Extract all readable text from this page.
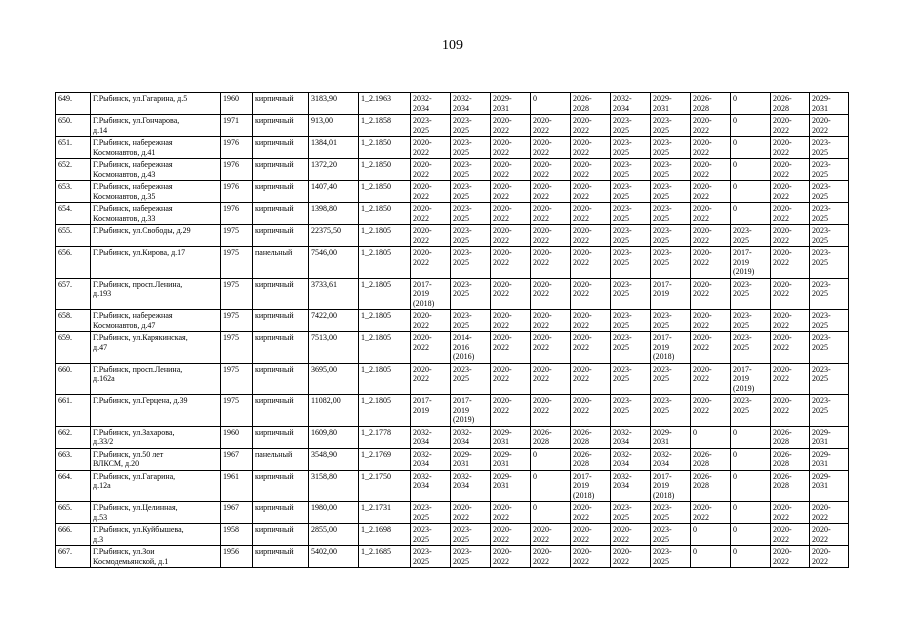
109
649.	Г.Рыбинск, ул.Гагарина, д.5	1960	кирпичный	3183,90	1_2.1963	2032-
2034	2032-
2034	2029-
2031	0	2026-
2028	2032-
2034	2029-
2031	2026-
2028	0	2026-
2028	2029-
2031
650.	Г.Рыбинск, ул.Гончарова,
д.14	1971	кирпичный	913,00	1_2.1858	2023-
2025	2023-
2025	2020-
2022	2020-
2022	2020-
2022	2023-
2025	2023-
2025	2020-
2022	0	2020-
2022	2020-
2022
651.	Г.Рыбинск, набережная
Космонавтов, д.41	1976	кирпичный	1384,01	1_2.1850	2020-
2022	2023-
2025	2020-
2022	2020-
2022	2020-
2022	2023-
2025	2023-
2025	2020-
2022	0	2020-
2022	2023-
2025
652.	Г.Рыбинск, набережная
Космонавтов, д.43	1976	кирпичный	1372,20	1_2.1850	2020-
2022	2023-
2025	2020-
2022	2020-
2022	2020-
2022	2023-
2025	2023-
2025	2020-
2022	0	2020-
2022	2023-
2025
653.	Г.Рыбинск, набережная
Космонавтов, д.35	1976	кирпичный	1407,40	1_2.1850	2020-
2022	2023-
2025	2020-
2022	2020-
2022	2020-
2022	2023-
2025	2023-
2025	2020-
2022	0	2020-
2022	2023-
2025
654.	Г.Рыбинск, набережная
Космонавтов, д.33	1976	кирпичный	1398,80	1_2.1850	2020-
2022	2023-
2025	2020-
2022	2020-
2022	2020-
2022	2023-
2025	2023-
2025	2020-
2022	0	2020-
2022	2023-
2025
655.	Г.Рыбинск, ул.Свободы, д.29	1975	кирпичный	22375,50	1_2.1805	2020-
2022	2023-
2025	2020-
2022	2020-
2022	2020-
2022	2023-
2025	2023-
2025	2020-
2022	2023-
2025	2020-
2022	2023-
2025
656.	Г.Рыбинск, ул.Кирова, д.17	1975	панельный	7546,00	1_2.1805	2020-
2022	2023-
2025	2020-
2022	2020-
2022	2020-
2022	2023-
2025	2023-
2025	2020-
2022	2017-
2019
(2019)	2020-
2022	2023-
2025
657.	Г.Рыбинск, просп.Ленина,
д.193	1975	кирпичный	3733,61	1_2.1805	2017-
2019
(2018)	2023-
2025	2020-
2022	2020-
2022	2020-
2022	2023-
2025	2017-
2019	2020-
2022	2023-
2025	2020-
2022	2023-
2025
658.	Г.Рыбинск, набережная
Космонавтов, д.47	1975	кирпичный	7422,00	1_2.1805	2020-
2022	2023-
2025	2020-
2022	2020-
2022	2020-
2022	2023-
2025	2023-
2025	2020-
2022	2023-
2025	2020-
2022	2023-
2025
659.	Г.Рыбинск, ул.Карякинская,
д.47	1975	кирпичный	7513,00	1_2.1805	2020-
2022	2014-
2016
(2016)	2020-
2022	2020-
2022	2020-
2022	2023-
2025	2017-
2019
(2018)	2020-
2022	2023-
2025	2020-
2022	2023-
2025
660.	Г.Рыбинск, просп.Ленина,
д.162а	1975	кирпичный	3695,00	1_2.1805	2020-
2022	2023-
2025	2020-
2022	2020-
2022	2020-
2022	2023-
2025	2023-
2025	2020-
2022	2017-
2019
(2019)	2020-
2022	2023-
2025
661.	Г.Рыбинск, ул.Герцена, д.39	1975	кирпичный	11082,00	1_2.1805	2017-
2019	2017-
2019
(2019)	2020-
2022	2020-
2022	2020-
2022	2023-
2025	2023-
2025	2020-
2022	2023-
2025	2020-
2022	2023-
2025
662.	Г.Рыбинск, ул.Захарова,
д.33/2	1960	кирпичный	1609,80	1_2.1778	2032-
2034	2032-
2034	2029-
2031	2026-
2028	2026-
2028	2032-
2034	2029-
2031	0	0	2026-
2028	2029-
2031
663.	Г.Рыбинск, ул.50 лет
ВЛКСМ, д.20	1967	панельный	3548,90	1_2.1769	2032-
2034	2029-
2031	2029-
2031	0	2026-
2028	2032-
2034	2032-
2034	2026-
2028	0	2026-
2028	2029-
2031
664.	Г.Рыбинск, ул.Гагарина,
д.12а	1961	кирпичный	3158,80	1_2.1750	2032-
2034	2032-
2034	2029-
2031	0	2017-
2019
(2018)	2032-
2034	2017-
2019
(2018)	2026-
2028	0	2026-
2028	2029-
2031
665.	Г.Рыбинск, ул.Целинная,
д.53	1967	кирпичный	1980,00	1_2.1731	2023-
2025	2020-
2022	2020-
2022	0	2020-
2022	2023-
2025	2023-
2025	2020-
2022	0	2020-
2022	2020-
2022
666.	Г.Рыбинск, ул.Куйбышева,
д.3	1958	кирпичный	2855,00	1_2.1698	2023-
2025	2023-
2025	2020-
2022	2020-
2022	2020-
2022	2020-
2022	2023-
2025	0	0	2020-
2022	2020-
2022
667.	Г.Рыбинск, ул.Зои
Космодемьянской, д.1	1956	кирпичный	5402,00	1_2.1685	2023-
2025	2023-
2025	2020-
2022	2020-
2022	2020-
2022	2020-
2022	2023-
2025	0	0	2020-
2022	2020-
2022
